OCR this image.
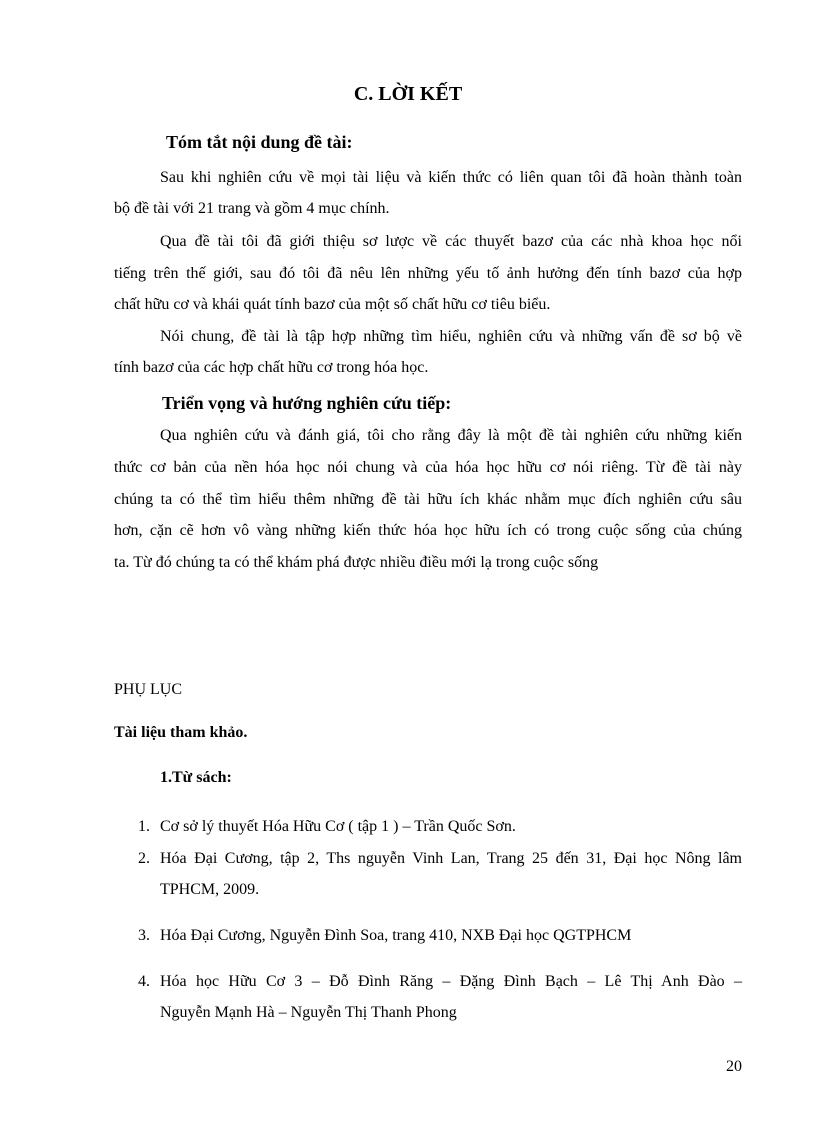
C. LỜI KẾT
Tóm tắt nội dung đề tài:

Sau khi nghiên cứu về mọi tài liệu và kiến thức có liên quan tôi đã hoàn thành toàn

bộ đề tài với 21 trang và gồm 4 mục chính.

Qua đề tài tôi đã giới thiệu sơ lược về các thuyết bazơ của các nhà khoa học nổi

tiếng trên thế giới, sau đó tôi đã nêu lên những yếu tố ảnh hưởng đến tính bazơ của hợp

chất hữu cơ và khái quát tính bazơ của một số chất hữu cơ tiêu biểu.

Nói chung, đề tài là tập hợp những tìm hiểu, nghiên cứu và những vấn đề sơ bộ về

tính bazơ của các hợp chất hữu cơ trong hóa học.

Triển vọng và hướng nghiên cứu tiếp:

Qua nghiên cứu và đánh giá, tôi cho rằng đây là một đề tài nghiên cứu những kiến

thức cơ bản của nền hóa học nói chung và của hóa học hữu cơ nói riêng. Từ đề tài này

chúng ta có thể tìm hiểu thêm những đề tài hữu ích khác nhằm mục đích nghiên cứu sâu

hơn, cặn cẽ hơn vô vàng những kiến thức hóa học hữu ích có trong cuộc sống của chúng

ta. Từ đó chúng ta có thể khám phá được nhiều điều mới lạ trong cuộc sống

PHỤ LỤC

Tài liệu tham khảo.

1.Từ sách:

1. Cơ sở lý thuyết Hóa Hữu Cơ ( tập 1 ) – Trần Quốc Sơn.

2. Hóa Đại Cương, tập 2, Ths nguyễn Vinh Lan, Trang 25 đến 31, Đại học Nông lâm

TPHCM, 2009.

3. Hóa Đại Cương, Nguyễn Đình Soa, trang 410, NXB Đại học QGTPHCM

4. Hóa học Hữu Cơ 3 – Đỗ Đình Răng – Đặng Đình Bạch – Lê Thị Anh Đào –

Nguyễn Mạnh Hà – Nguyễn Thị Thanh Phong

20
